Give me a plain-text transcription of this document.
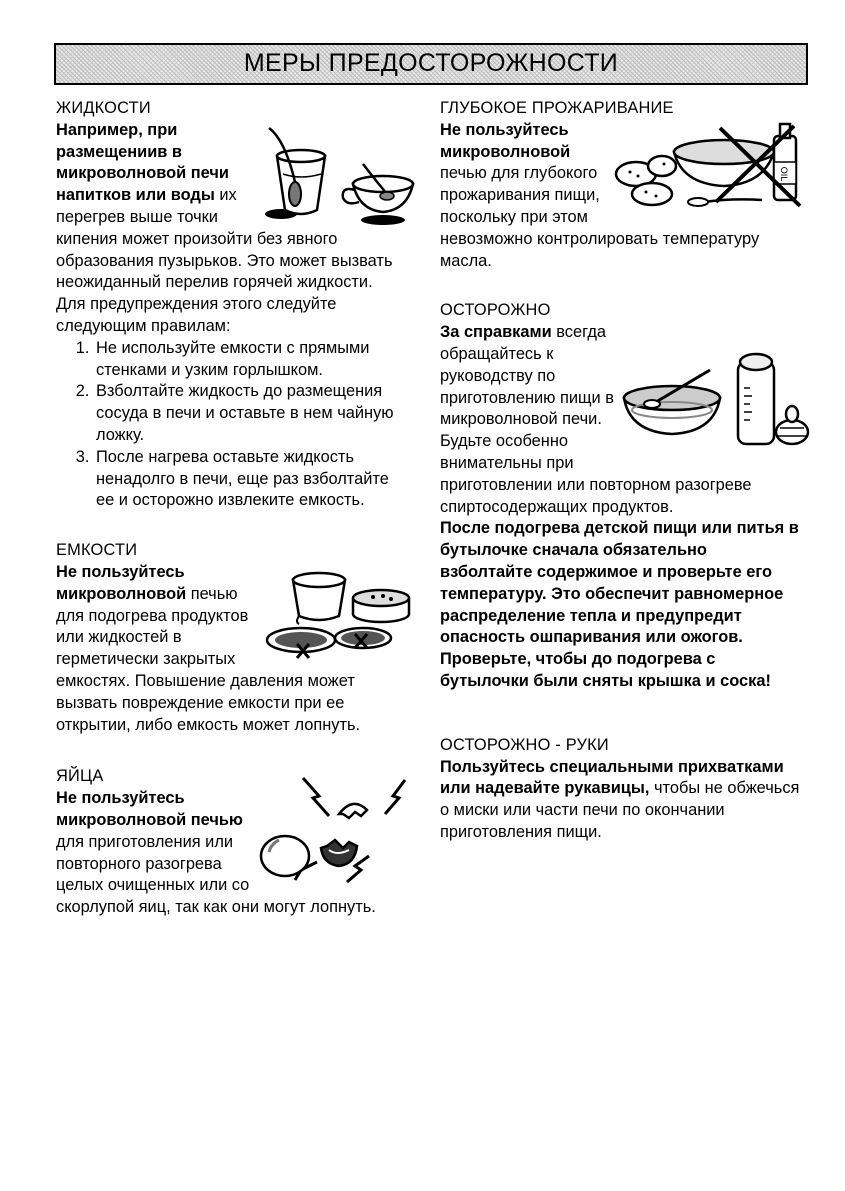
МЕРЫ ПРЕДОСТОРОЖНОСТИ
ЖИДКОСТИ

Например, при размещениив в микроволновой печи напитков или воды их перегрев выше точки кипения может произойти без явного образования пузырьков. Это может вызвать неожиданный перелив горячей жидкости.

Для предупреждения этого следуйте следующим правилам:

1. Не используйте емкости с прямыми стенками и узким горлышком.
2. Взболтайте жидкость до размещения сосуда в печи и оставьте в нем чайную ложку.
3. После нагрева оставьте жидкость ненадолго в печи, еще раз взболтайте ее и осторожно извлеките емкость.
ЕМКОСТИ

Не пользуйтесь микроволновой печью для подогрева продуктов или жидкостей в герметически закрытых емкостях. Повышение давления может вызвать повреждение емкости при ее открытии, либо емкость может лопнуть.

ЯЙЦА

Не пользуйтесь микроволновой печью для приготовления или повторного разогрева целых очищенных или со скорлупой яиц, так как они могут лопнуть.

ГЛУБОКОЕ ПРОЖАРИВАНИЕ
OIL

Не пользуйтесь микроволновой печью для глубокого прожаривания пищи, поскольку при этом невозможно контролировать температуру масла.

ОСТОРОЖНО

За справками всегда обращайтесь к руководству по приготовлению пищи в микроволновой печи. Будьте особенно внимательны при приготовлении или повторном разогреве спиртосодержащих продуктов.

После подогрева детской пищи или питья в бутылочке сначала обязательно взболтайте содержимое и проверьте его температуру. Это обеспечит равномерное распределение тепла и предупредит опасность ошпаривания или ожогов. Проверьте, чтобы до подогрева с бутылочки были сняты крышка и соска!

ОСТОРОЖНО - РУКИ

Пользуйтесь специальными прихватками или надевайте рукавицы, чтобы не обжечься о миски или части печи по окончании приготовления пищи.
